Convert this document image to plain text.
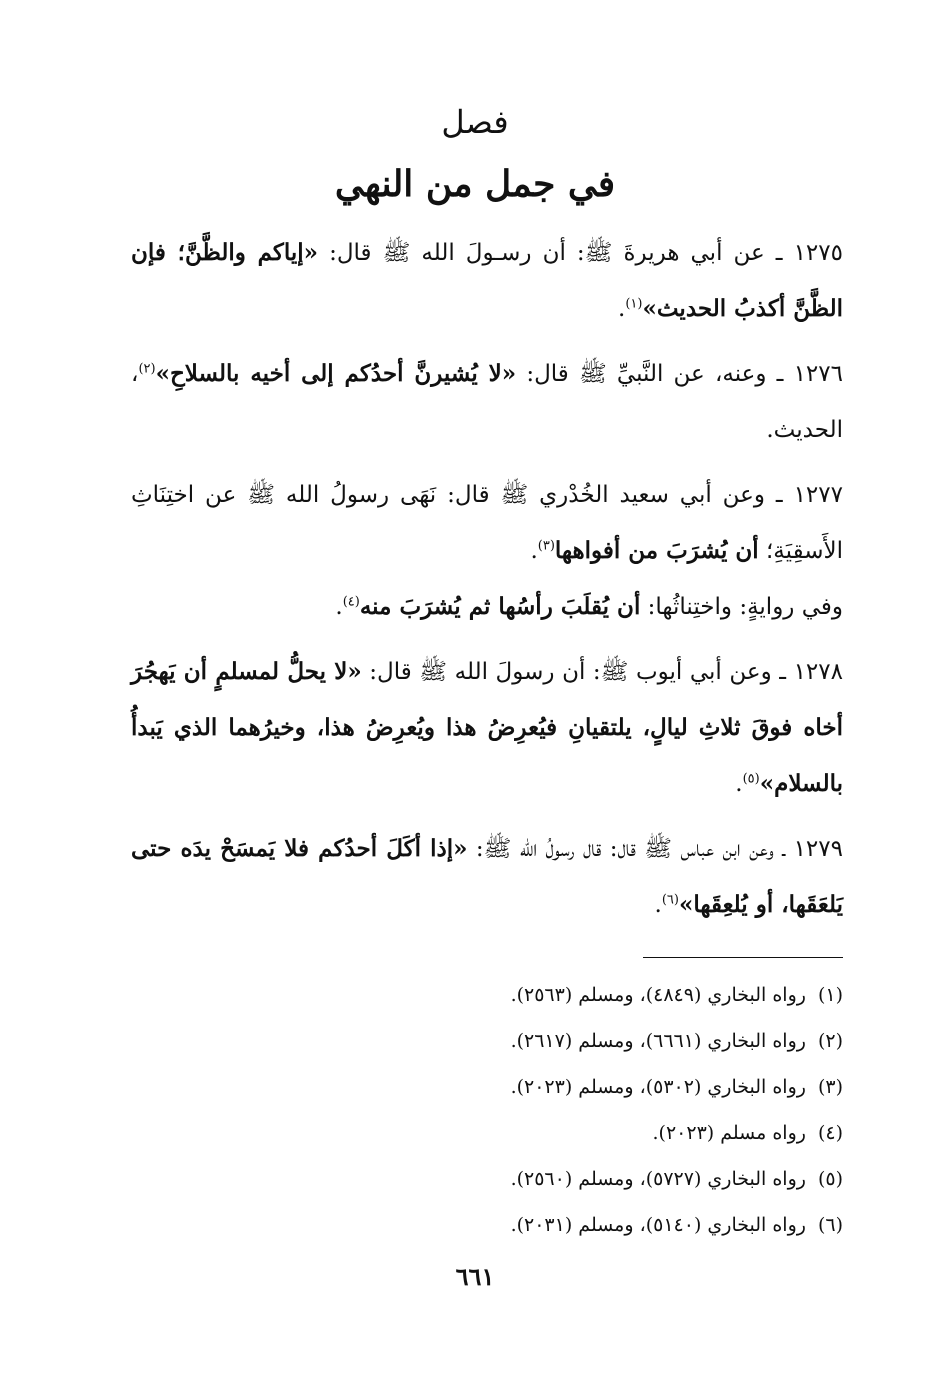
فصل
في جمل من النهي

١٢٧٥ ـ عن أبي هريرةَ ﷺ: أن رسـولَ الله ﷺ قال: «إياكم والظَّنَّ؛ فإن الظَّنَّ أكذبُ الحديث»$^{(١)}$.

١٢٧٦ ـ وعنه، عن النَّبيِّ ﷺ قال: «لا يُشيرنَّ أحدُكم إلى أخيه بالسلاحِ»$^{(٢)}$، الحديث.

١٢٧٧ ـ وعن أبي سعيد الخُدْري ﷺ قال: نَهَى رسولُ الله ﷺ عن اختِنَاثِ الأَسقِيَةِ؛ أن يُشرَبَ من أفواهها$^{(٣)}$.

وفي روايةٍ: واختِناثُها: أن يُقلَبَ رأسُها ثم يُشرَبَ منه$^{(٤)}$.

١٢٧٨ ـ وعن أبي أيوب ﷺ: أن رسولَ الله ﷺ قال: «لا يحلُّ لمسلمٍ أن يَهجُرَ أخاه فوقَ ثلاثِ ليالٍ، يلتقيانِ فيُعرِضُ هذا ويُعرِضُ هذا، وخيرُهما الذي يَبدأُ بالسلام»$^{(٥)}$.

١٢٧٩ ـ وعن ابن عباس ﷺ قال: قال رسولُ الله ﷺ: «إذا أكَلَ أحدُكم فلا يَمسَحْ يدَه حتى يَلعَقَها، أو يُلعِقَها»$^{(٦)}$.

(١)رواه البخاري (٤٨٤٩)، ومسلم (٢٥٦٣).

(٢)رواه البخاري (٦٦٦١)، ومسلم (٢٦١٧).

(٣)رواه البخاري (٥٣٠٢)، ومسلم (٢٠٢٣).

(٤)رواه مسلم (٢٠٢٣).

(٥)رواه البخاري (٥٧٢٧)، ومسلم (٢٥٦٠).

(٦)رواه البخاري (٥١٤٠)، ومسلم (٢٠٣١).

٦٦١
